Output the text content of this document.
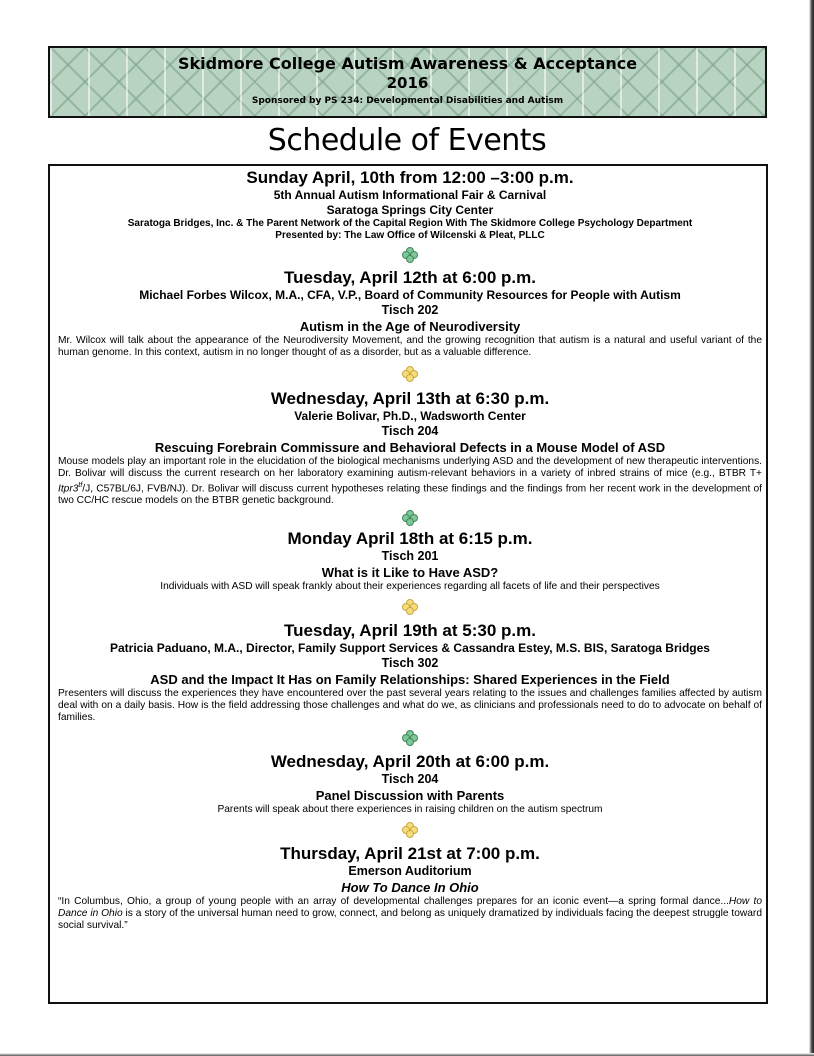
Skidmore College Autism Awareness & Acceptance
2016
Sponsored by PS 234: Developmental Disabilities and Autism
Schedule of Events
Sunday April, 10th from 12:00 –3:00 p.m.
5th Annual Autism Informational Fair & Carnival
Saratoga Springs City Center
Saratoga Bridges, Inc. & The Parent Network of the Capital Region With The Skidmore College Psychology Department
Presented by: The Law Office of Wilcenski & Pleat, PLLC
Tuesday, April 12th at 6:00 p.m.
Michael Forbes Wilcox, M.A., CFA, V.P., Board of Community Resources for People with Autism
Tisch 202
Autism in the Age of Neurodiversity
Mr. Wilcox will talk about the appearance of the Neurodiversity Movement, and the growing recognition that autism is a natural and useful variant of the human genome. In this context, autism in no longer thought of as a disorder, but as a valuable difference.
Wednesday, April 13th at 6:30 p.m.
Valerie Bolivar, Ph.D., Wadsworth Center
Tisch 204
Rescuing Forebrain Commissure and Behavioral Defects in a Mouse Model of ASD
Mouse models play an important role in the elucidation of the biological mechanisms underlying ASD and the development of new therapeutic interventions. Dr. Bolivar will discuss the current research on her laboratory examining autism-relevant behaviors in a variety of inbred strains of mice (e.g., BTBR $T+ Itpr3^{tf}/J$, C57BL/6J, FVB/NJ). Dr. Bolivar will discuss current hypotheses relating these findings and the findings from her recent work in the development of two CC/HC rescue models on the BTBR genetic background.
Monday April 18th at 6:15 p.m.
Tisch 201
What is it Like to Have ASD?
Individuals with ASD will speak frankly about their experiences regarding all facets of life and their perspectives
Tuesday, April 19th at 5:30 p.m.
Patricia Paduano, M.A., Director, Family Support Services & Cassandra Estey, M.S. BIS, Saratoga Bridges
Tisch 302
ASD and the Impact It Has on Family Relationships: Shared Experiences in the Field
Presenters will discuss the experiences they have encountered over the past several years relating to the issues and challenges families affected by autism deal with on a daily basis. How is the field addressing those challenges and what do we, as clinicians and professionals need to do to advocate on behalf of families.
Wednesday, April 20th at 6:00 p.m.
Tisch 204
Panel Discussion with Parents
Parents will speak about there experiences in raising children on the autism spectrum
Thursday, April 21st at 7:00 p.m.
Emerson Auditorium
How To Dance In Ohio
“In Columbus, Ohio, a group of young people with an array of developmental challenges prepares for an iconic event—a spring formal dance...How to Dance in Ohio is a story of the universal human need to grow, connect, and belong as uniquely dramatized by individuals facing the deepest struggle toward social survival.”
